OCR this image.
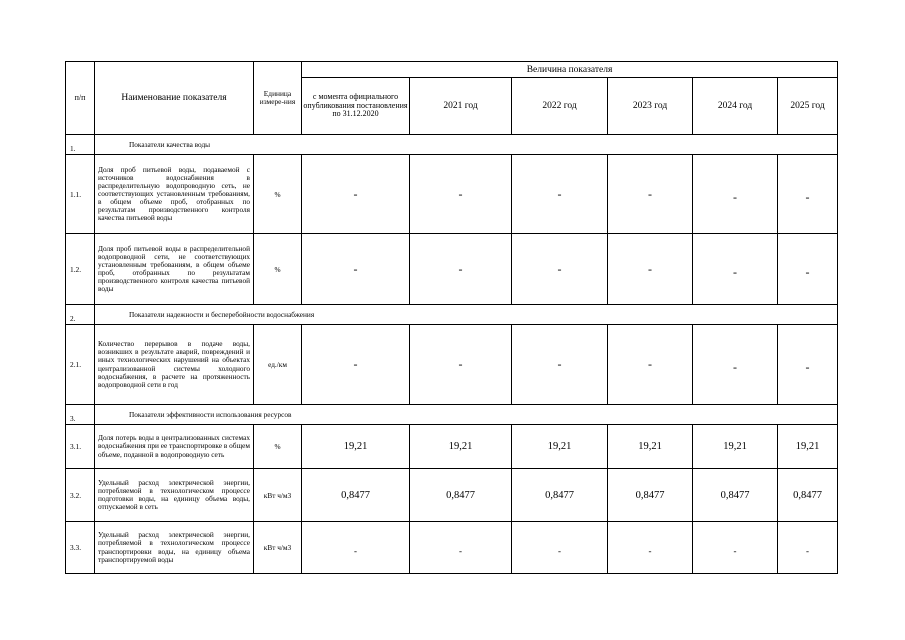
п/п	Наименование показателя	Единица измере-ния	Величина показателя					
			с момента официального опубликования постановления по 31.12.2020	2021 год	2022 год	2023 год	2024 год	2025 год
1.	Показатели качества воды							
1.1.	Доля проб питьевой воды, подаваемой с источников водоснабжения в распределительную водопроводную сеть, не соответствующих установленным требованиям, в общем объеме проб, отобранных по результатам производственного контроля качества питьевой воды	%	-	-	-	-	-	-
1.2.	Доля проб питьевой воды в распределительной водопроводной сети, не соответствующих установленным требованиям, в общем объеме проб, отобранных по результатам производственного контроля качества питьевой воды	%	-	-	-	-	-	-
2.	Показатели надежности и бесперебойности водоснабжения							
2.1.	Количество перерывов в подаче воды, возникших в результате аварий, повреждений и иных технологических нарушений на объектах централизованной системы холодного водоснабжения, в расчете на протяженность водопроводной сети в год	ед./км	-	-	-	-	-	-
3.	Показатели эффективности использования ресурсов							
3.1.	Доля потерь воды в централизованных системах водоснабжения при ее транспортировке в общем объеме, поданной в водопроводную сеть	%	19,21	19,21	19,21	19,21	19,21	19,21
3.2.	Удельный расход электрической энергии, потребляемой в технологическом процессе подготовки воды, на единицу объема воды, отпускаемой в сеть	кВт ч/м3	0,8477	0,8477	0,8477	0,8477	0,8477	0,8477
3.3.	Удельный расход электрической энергии, потребляемой в технологическом процессе транспортировки воды, на единицу объема транспортируемой воды	кВт ч/м3	-	-	-	-	-	-
